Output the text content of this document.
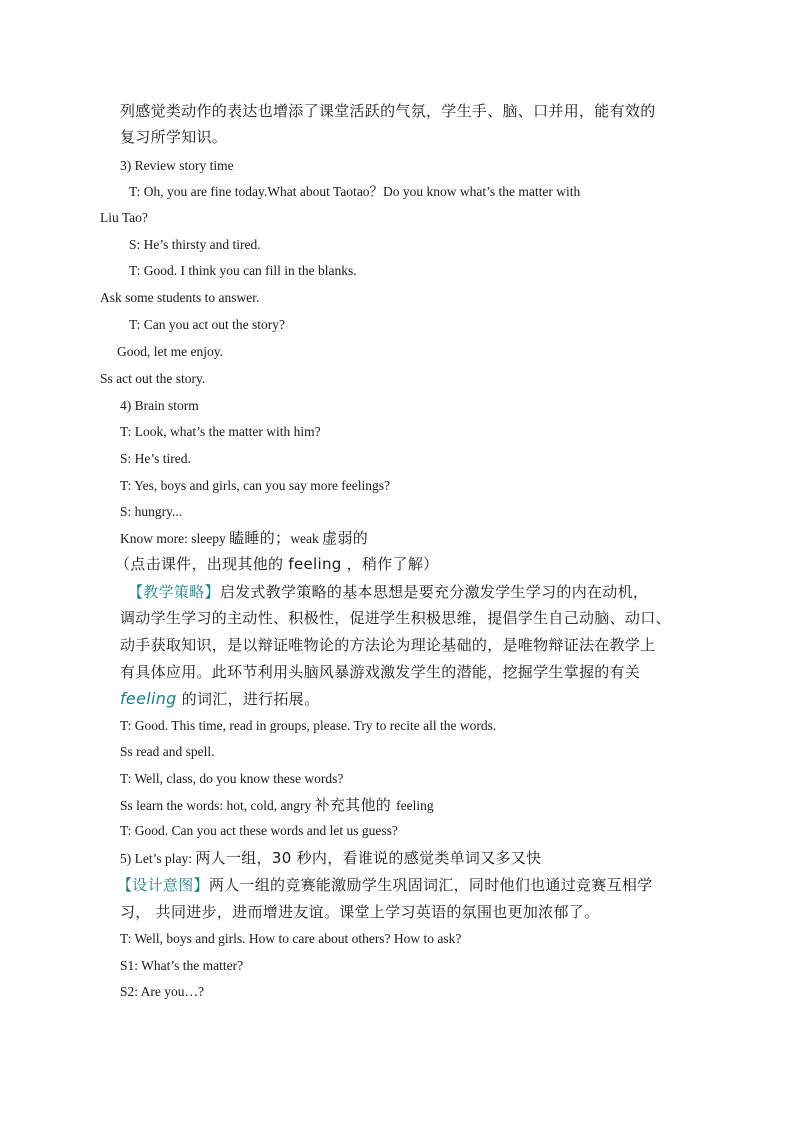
列感觉类动作的表达也增添了课堂活跃的气氛，学生手、脑、口并用，能有效的
复习所学知识。
3) Review story time
T: Oh, you are fine today.What about Taotao？Do you know what’s the matter with
Liu Tao?
S: He’s thirsty and tired.
T: Good. I think you can fill in the blanks.
Ask some students to answer.
T: Can you act out the story?
Good, let me enjoy.
Ss act out the story.
4) Brain storm
T: Look, what’s the matter with him?
S: He’s tired.
T: Yes, boys and girls, can you say more feelings?
S: hungry...
Know more: sleepy 瞌睡的；weak 虚弱的
（点击课件，出现其他的 feeling ，稍作了解）
【教学策略】启发式教学策略的基本思想是要充分激发学生学习的内在动机，
调动学生学习的主动性、积极性，促进学生积极思维，提倡学生自己动脑、动口、
动手获取知识，是以辩证唯物论的方法论为理论基础的，是唯物辩证法在教学上
有具体应用。此环节利用头脑风暴游戏激发学生的潜能，挖掘学生掌握的有关
feeling 的词汇，进行拓展。
T: Good. This time, read in groups, please. Try to recite all the words.
Ss read and spell.
T: Well, class, do you know these words?
Ss learn the words: hot, cold, angry 补充其他的 feeling
T: Good. Can you act these words and let us guess?
5) Let’s play: 两人一组，30 秒内，看谁说的感觉类单词又多又快
【设计意图】两人一组的竞赛能激励学生巩固词汇，同时他们也通过竞赛互相学
习， 共同进步，进而增进友谊。课堂上学习英语的氛围也更加浓郁了。
T: Well, boys and girls. How to care about others? How to ask?
S1: What’s the matter?
S2: Are you…?
